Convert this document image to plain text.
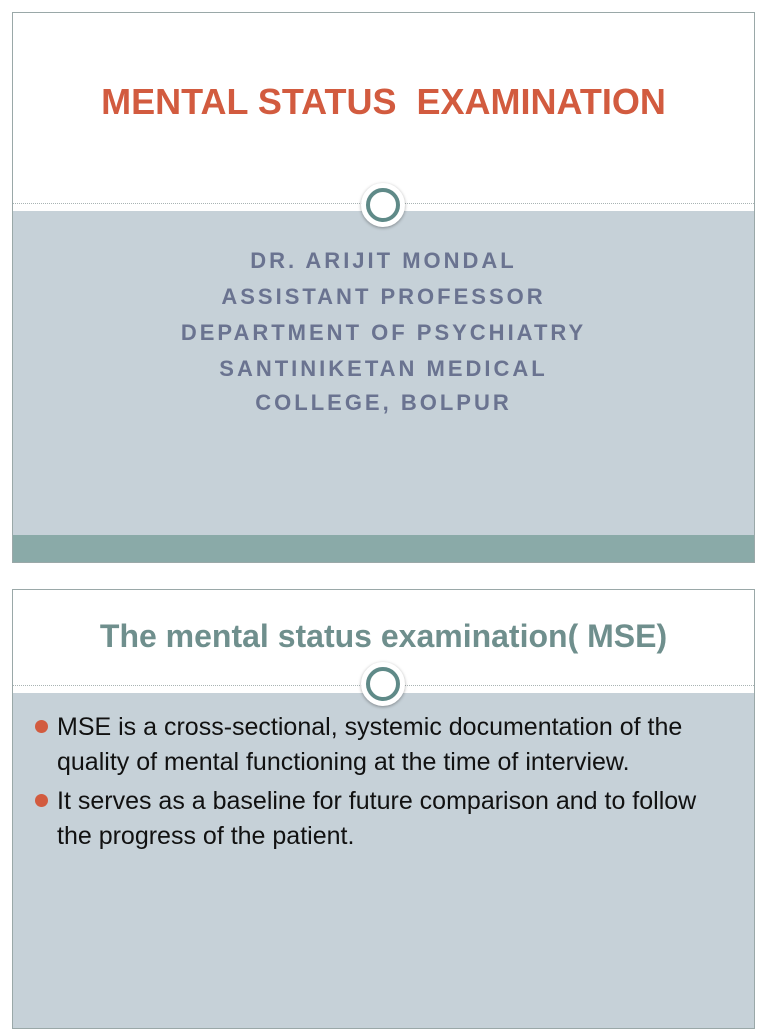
MENTAL STATUS  EXAMINATION
DR. ARIJIT MONDAL
ASSISTANT PROFESSOR
DEPARTMENT OF PSYCHIATRY
SANTINIKETAN MEDICAL
COLLEGE, BOLPUR
The mental status examination( MSE)
MSE is a cross-sectional, systemic documentation of the quality of mental functioning at the time of interview.
It serves as a baseline for future comparison and to follow the progress of the patient.
